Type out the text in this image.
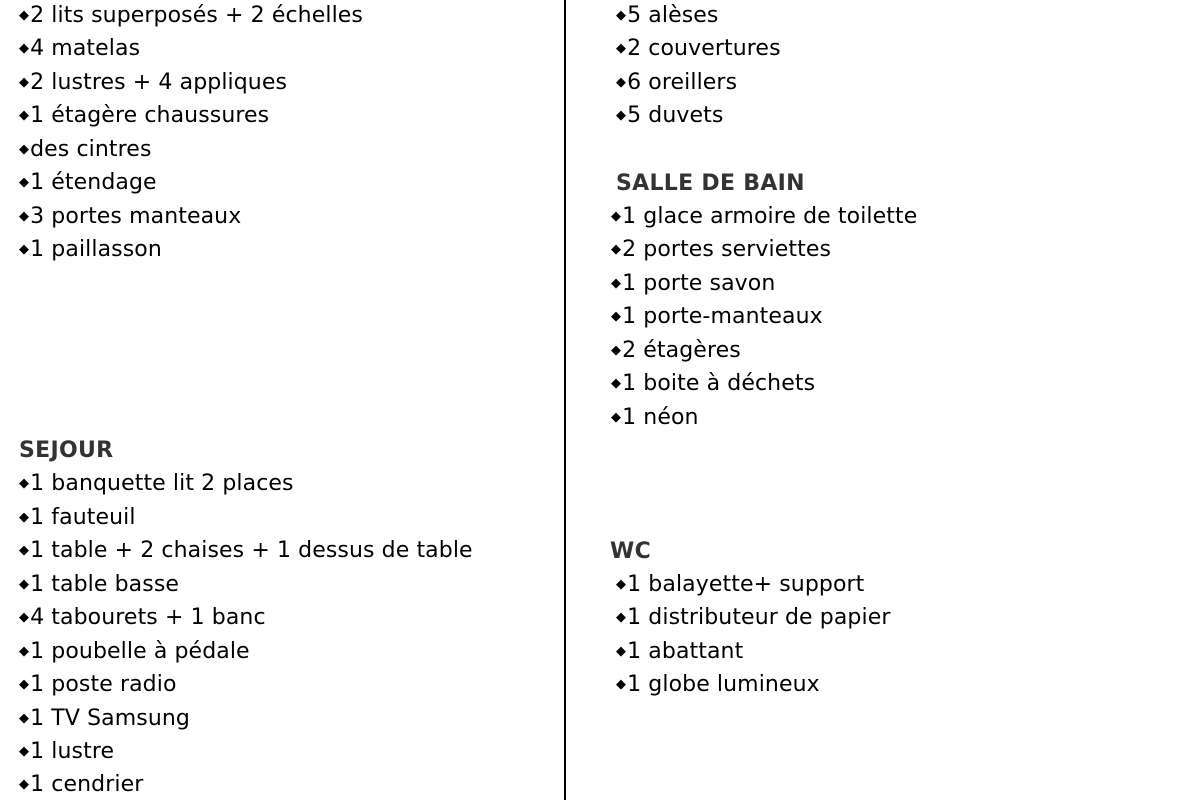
◆2 lits superposés + 2 échelles
◆4 matelas
◆2 lustres + 4 appliques
◆1 étagère chaussures
◆des cintres
◆1 étendage
◆3 portes manteaux
◆1 paillasson
SEJOUR
◆1 banquette lit 2 places
◆1 fauteuil
◆1 table + 2 chaises + 1 dessus de table
◆1 table basse
◆4 tabourets + 1 banc
◆1 poubelle à pédale
◆1 poste radio
◆1 TV Samsung
◆1 lustre
◆1 cendrier
◆5 alèses
◆2 couvertures
◆6 oreillers
◆5 duvets
SALLE DE BAIN
◆1 glace armoire de toilette
◆2 portes serviettes
◆1 porte savon
◆1 porte-manteaux
◆2 étagères
◆1 boite à déchets
◆1 néon
WC
◆1 balayette+ support
◆1 distributeur de papier
◆1 abattant
◆1 globe lumineux
